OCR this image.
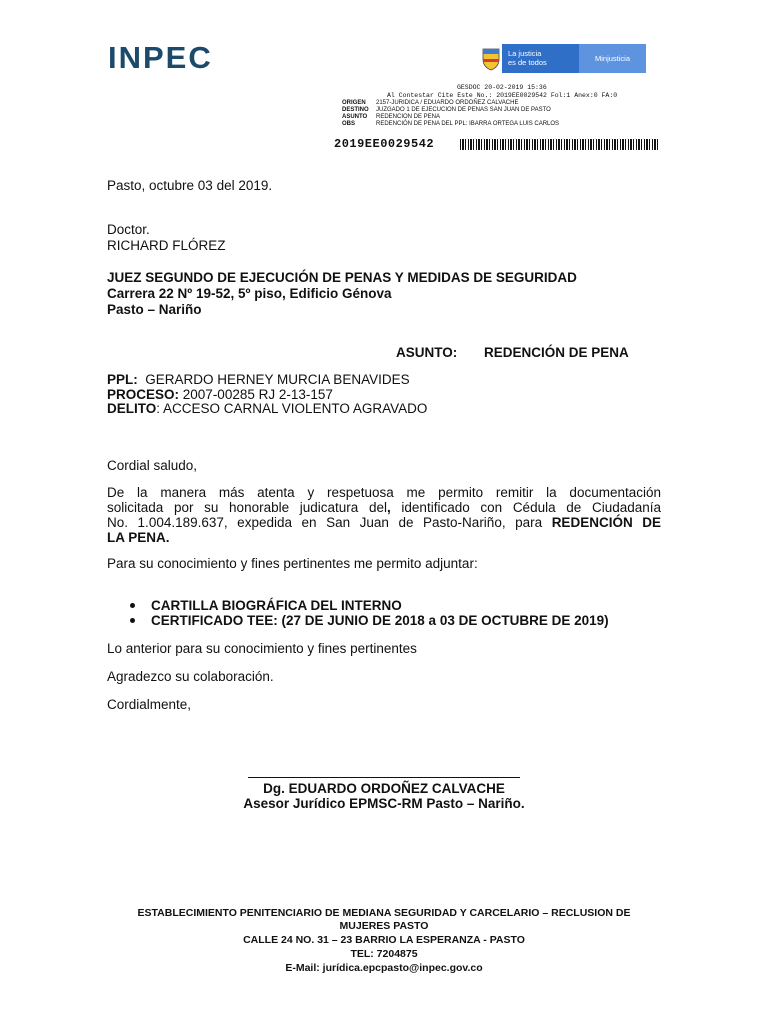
INPEC	La justicia
es de todos	Minjusticia
GESDOC 20-02-2019 15:36
Al Contestar Cite Este No.: 2019EE0029542 Fol:1 Anex:0 FA:0
ORIGEN	2157-JURIDICA / EDUARDO ORDOÑEZ CALVACHE
DESTINO	JUZGADO 1 DE EJECUCION DE PENAS SAN JUAN DE PASTO
ASUNTO	REDENCION DE PENA
OBS	REDENCIÓN DE PENA DEL PPL: IBARRA ORTEGA LUIS CARLOS
2019EE0029542
Pasto, octubre 03 del 2019.
Doctor.
RICHARD FLÓREZ
JUEZ SEGUNDO DE EJECUCIÓN DE PENAS Y MEDIDAS DE SEGURIDAD
Carrera 22 Nº 19-52, 5º piso, Edificio Génova
Pasto – Nariño
ASUNTO: REDENCIÓN DE PENA
PPL: GERARDO HERNEY MURCIA BENAVIDES
PROCESO: 2007-00285 RJ 2-13-157
DELITO: ACCESO CARNAL VIOLENTO AGRAVADO
Cordial saludo,
De la manera más atenta y respetuosa me permito remitir la documentación
solicitada por su honorable judicatura del, identificado con Cédula de Ciudadanía
No. 1.004.189.637, expedida en San Juan de Pasto-Nariño, para REDENCIÓN DE
LA PENA.
Para su conocimiento y fines pertinentes me permito adjuntar:
CARTILLA BIOGRÁFICA DEL INTERNO
CERTIFICADO TEE: (27 DE JUNIO DE 2018 a 03 DE OCTUBRE DE 2019)
Lo anterior para su conocimiento y fines pertinentes
Agradezco su colaboración.
Cordialmente,
Dg. EDUARDO ORDOÑEZ CALVACHE
Asesor Jurídico EPMSC-RM Pasto – Nariño.
ESTABLECIMIENTO PENITENCIARIO DE MEDIANA SEGURIDAD Y CARCELARIO – RECLUSION DE
MUJERES PASTO
CALLE 24 NO. 31 – 23 BARRIO LA ESPERANZA - PASTO
TEL: 7204875
E-Mail: jurídica.epcpasto@inpec.gov.co
